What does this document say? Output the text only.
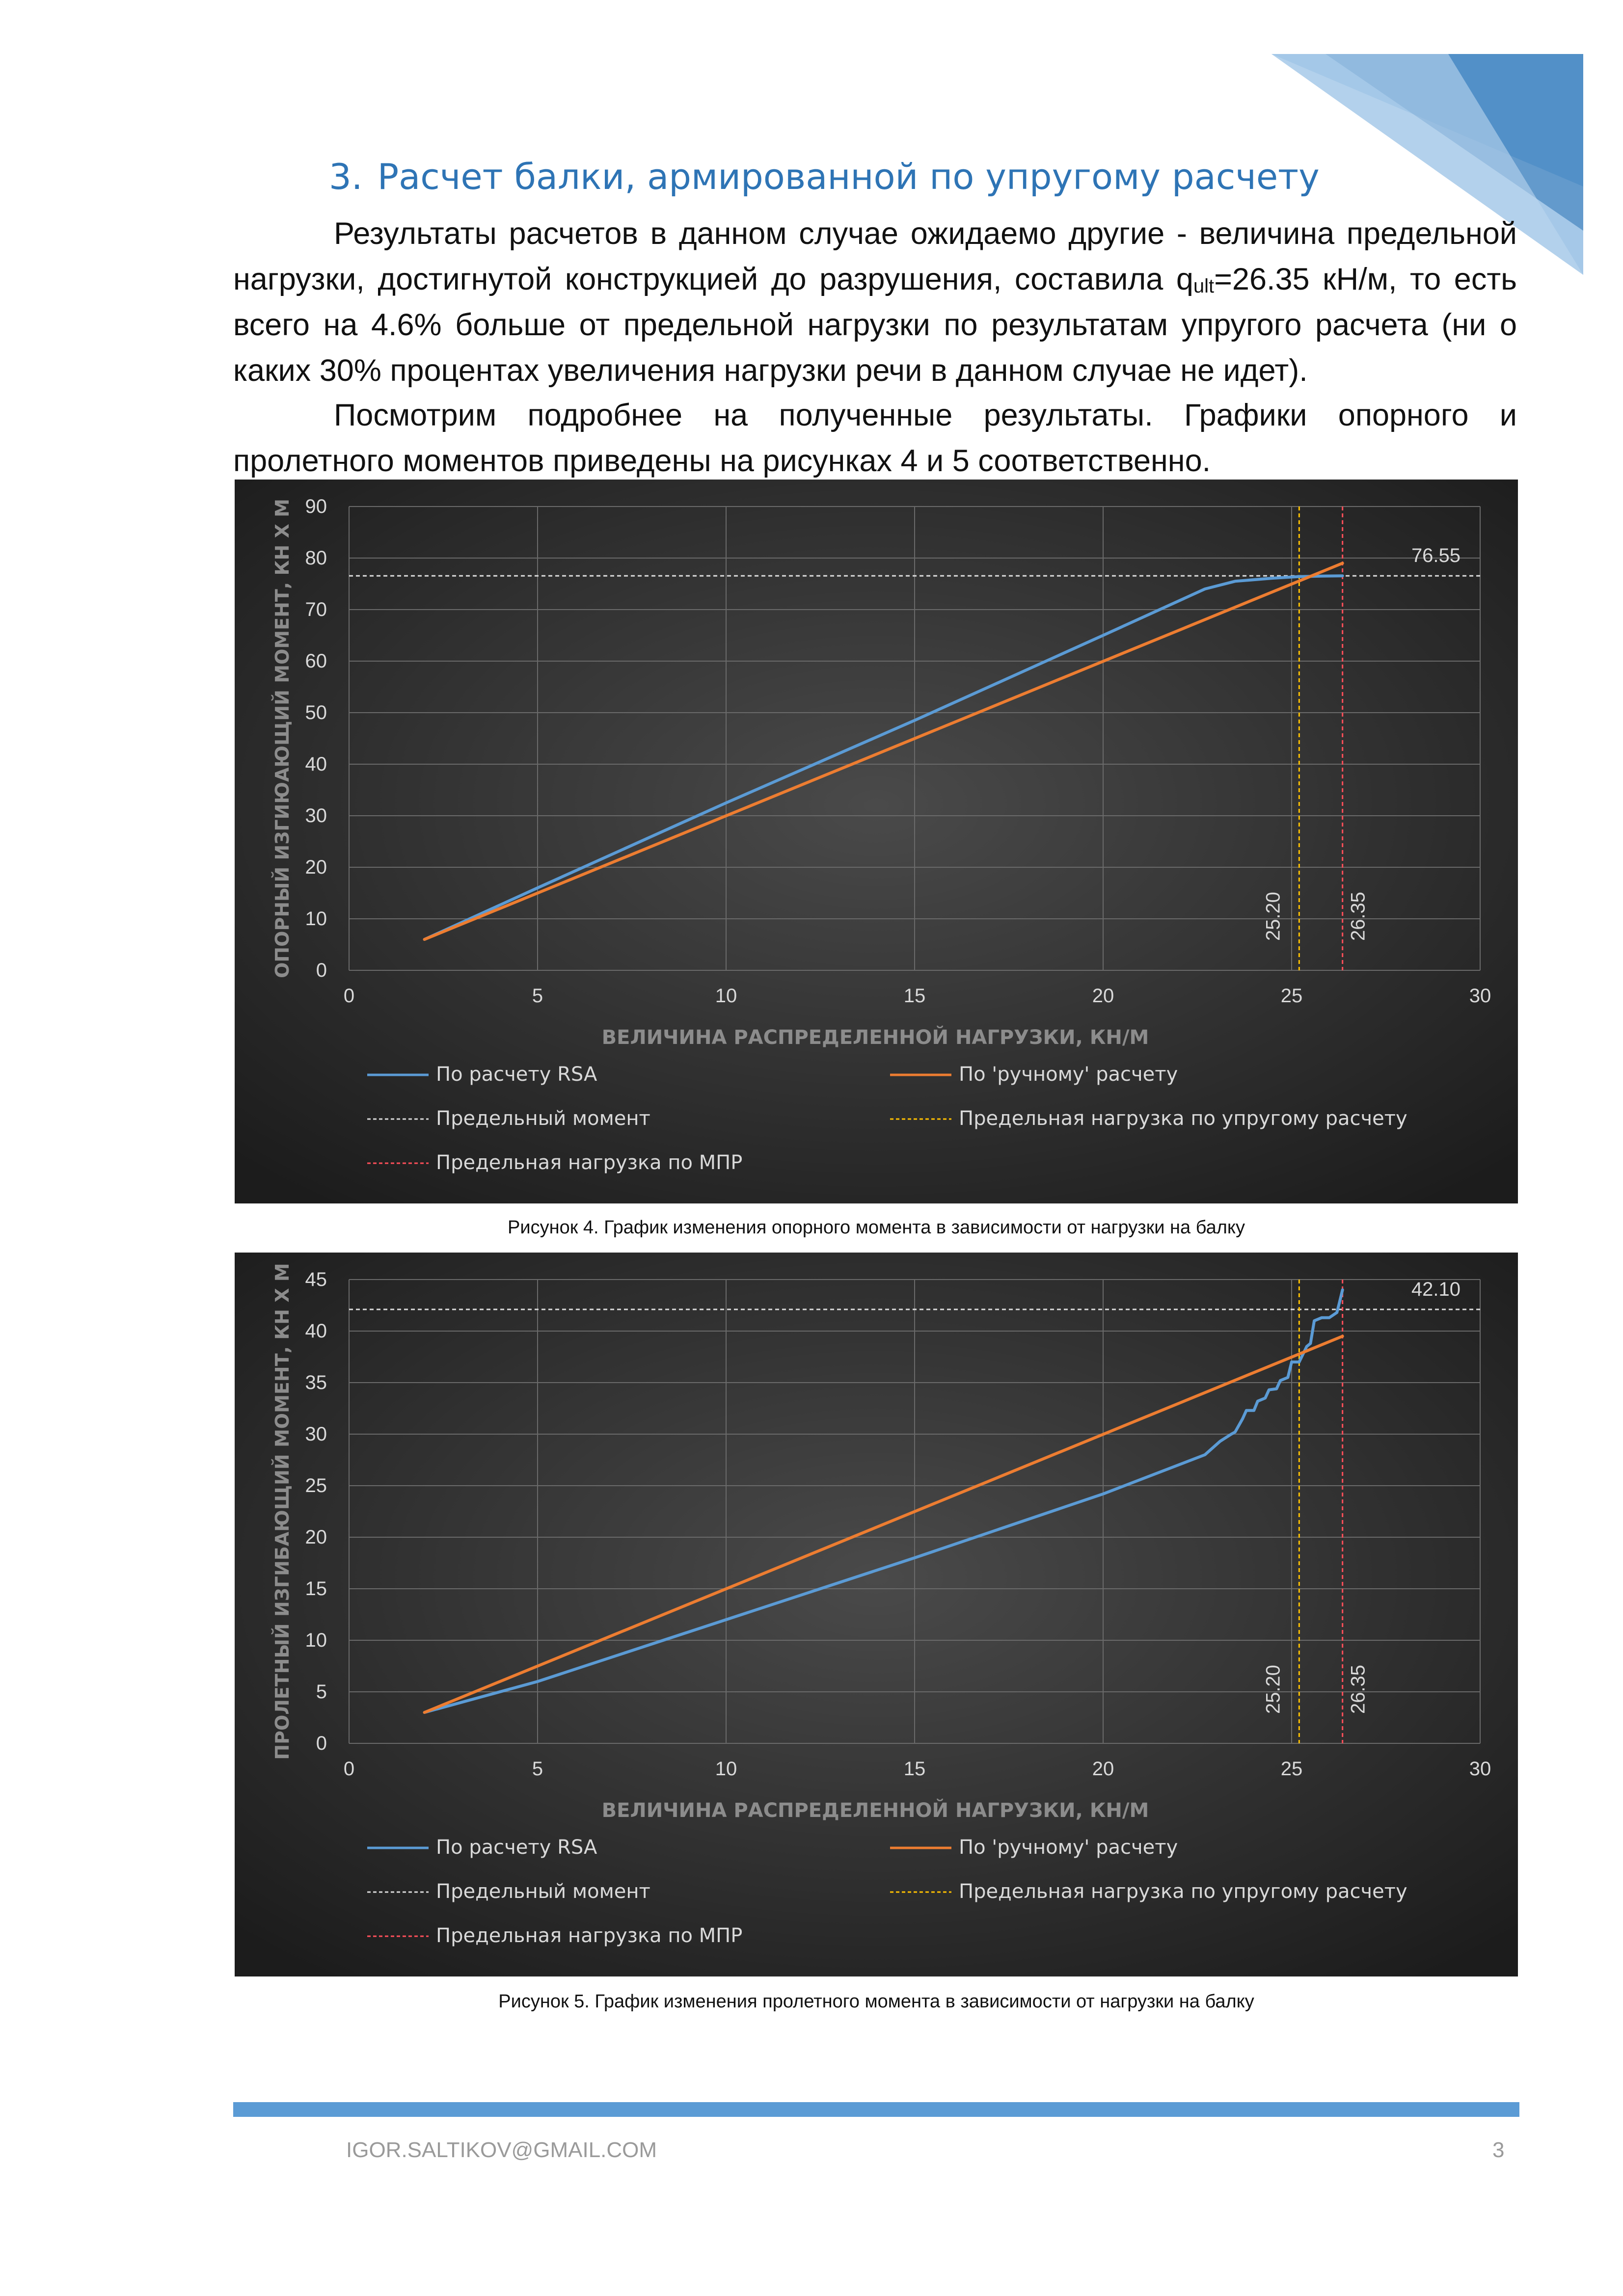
3. Расчет балки, армированной по упругому расчету

Результаты расчетов в данном случае ожидаемо другие - величина предельной нагрузки, достигнутой конструкцией до разрушения, составила $q_{ult}=26.35$ кН/м, то есть всего на 4.6% больше от предельной нагрузки по результатам упругого расчета (ни о каких 30% процентах увеличения нагрузки речи в данном случае не идет).

Посмотрим подробнее на полученные результаты. Графики опорного и пролетного моментов приведены на рисунках 4 и 5 соответственно.

0
10
20
30
40
50
60
70
80
90
0	5	10	15	20	25	30
ВЕЛИЧИНА РАСПРЕДЕЛЕННОЙ НАГРУЗКИ, КН/М
ОПОРНЫЙ ИЗГИЮАЮЩИЙ МОМЕНТ, КН Х М	76.55
25.20	26.35
По расчету RSA	По 'ручному' расчету
Предельный момент	Предельная нагрузка по упругому расчету
Предельная нагрузка по МПР
Рисунок 4. График изменения опорного момента в зависимости от нагрузки на балку
0
5
10
15
20
25
30
35
40
45
0	5	10	15	20	25	30
ВЕЛИЧИНА РАСПРЕДЕЛЕННОЙ НАГРУЗКИ, КН/М
ПРОЛЕТНЫЙ ИЗГИБАЮЩИЙ МОМЕНТ, КН Х М	42.10
25.20	26.35
По расчету RSA	По 'ручному' расчету
Предельный момент	Предельная нагрузка по упругому расчету
Предельная нагрузка по МПР
Рисунок 5. График изменения пролетного момента в зависимости от нагрузки на балку
IGOR.SALTIKOV@GMAIL.COM	3
